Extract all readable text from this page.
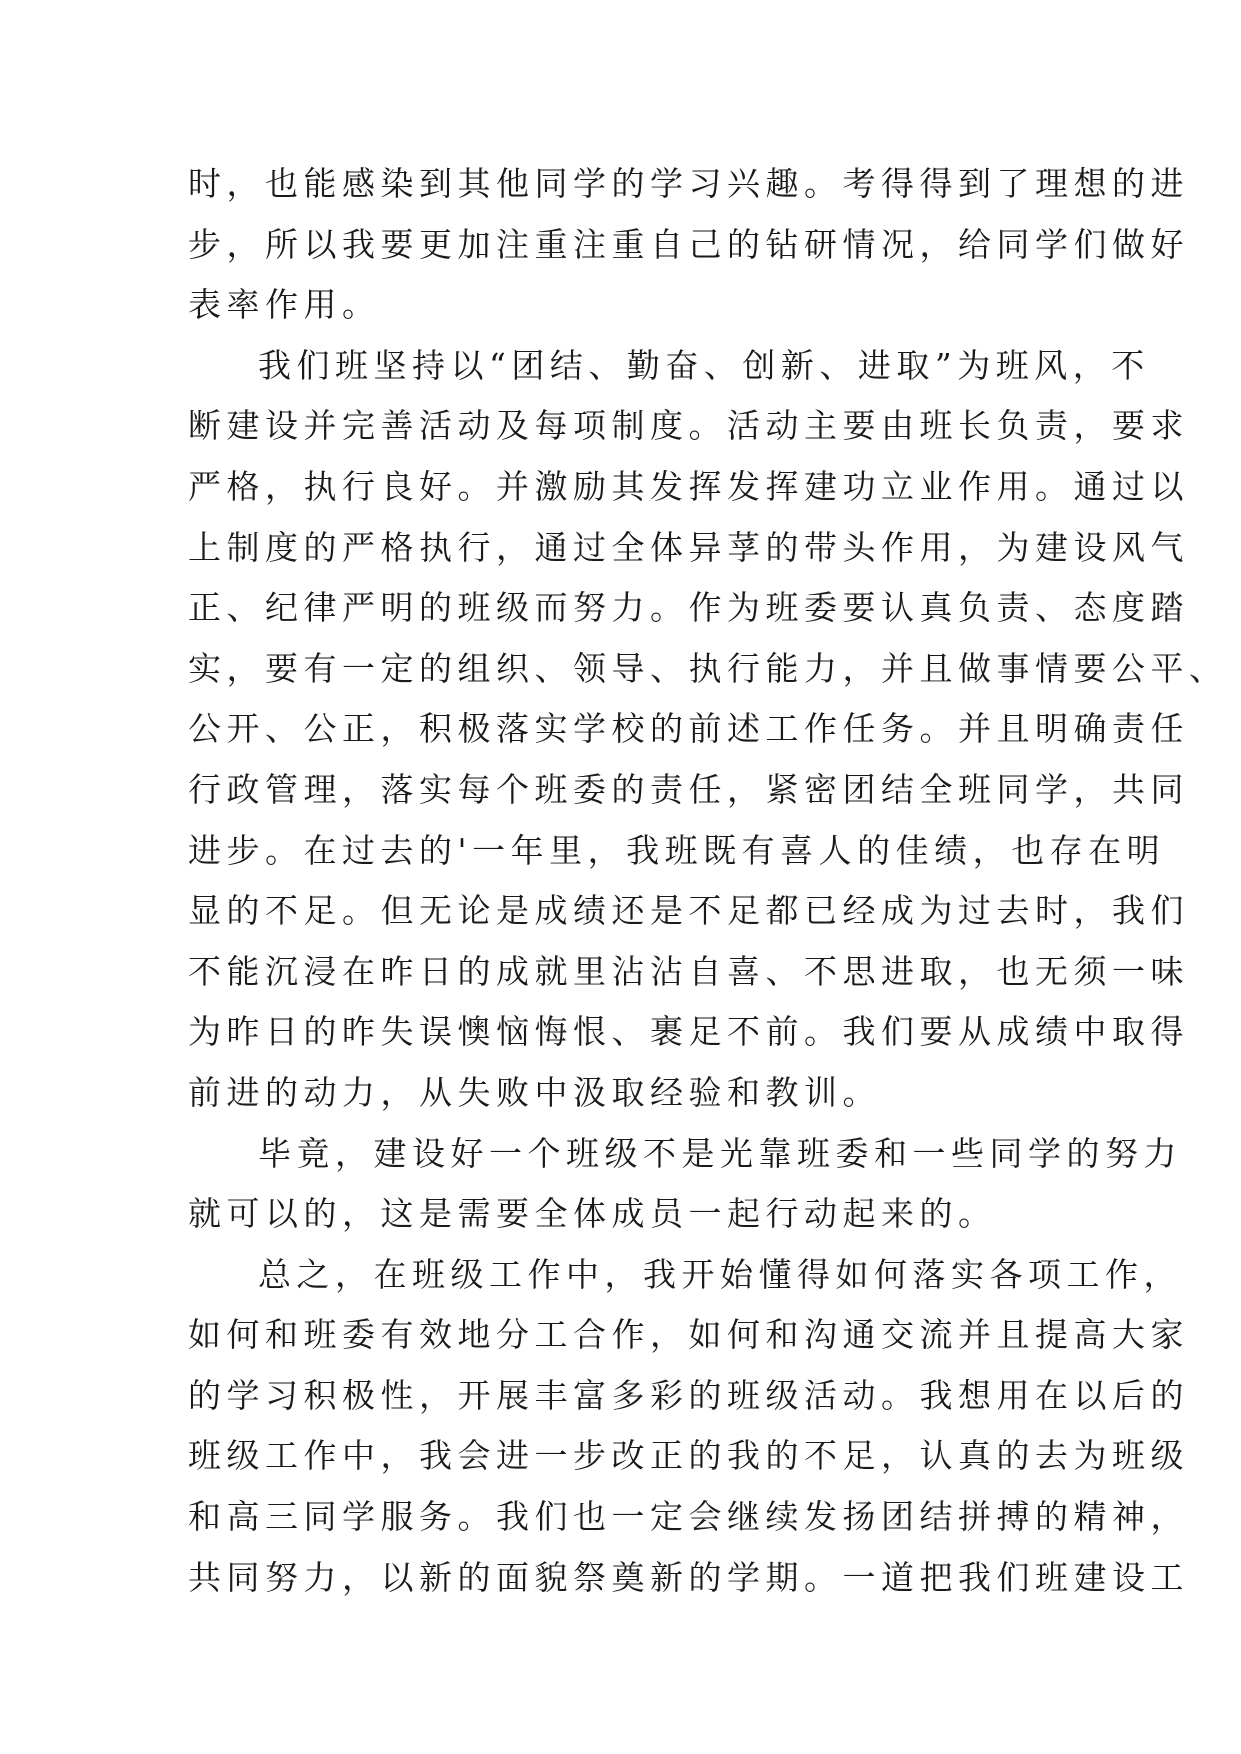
时，也能感染到其他同学的学习兴趣。考得得到了理想的进
步，所以我要更加注重注重自己的钻研情况，给同学们做好
表率作用。
我们班坚持以“团结、勤奋、创新、进取”为班风，不
断建设并完善活动及每项制度。活动主要由班长负责，要求
严格，执行良好。并激励其发挥发挥建功立业作用。通过以
上制度的严格执行，通过全体异莩的带头作用，为建设风气
正、纪律严明的班级而努力。作为班委要认真负责、态度踏
实，要有一定的组织、领导、执行能力，并且做事情要公平、
公开、公正，积极落实学校的前述工作任务。并且明确责任
行政管理，落实每个班委的责任，紧密团结全班同学，共同
进步。在过去的'一年里，我班既有喜人的佳绩，也存在明
显的不足。但无论是成绩还是不足都已经成为过去时，我们
不能沉浸在昨日的成就里沾沾自喜、不思进取，也无须一味
为昨日的昨失误懊恼悔恨、裹足不前。我们要从成绩中取得
前进的动力，从失败中汲取经验和教训。
毕竟，建设好一个班级不是光靠班委和一些同学的努力
就可以的，这是需要全体成员一起行动起来的。
总之，在班级工作中，我开始懂得如何落实各项工作，
如何和班委有效地分工合作，如何和沟通交流并且提高大家
的学习积极性，开展丰富多彩的班级活动。我想用在以后的
班级工作中，我会进一步改正的我的不足，认真的去为班级
和高三同学服务。我们也一定会继续发扬团结拼搏的精神，
共同努力，以新的面貌祭奠新的学期。一道把我们班建设工
